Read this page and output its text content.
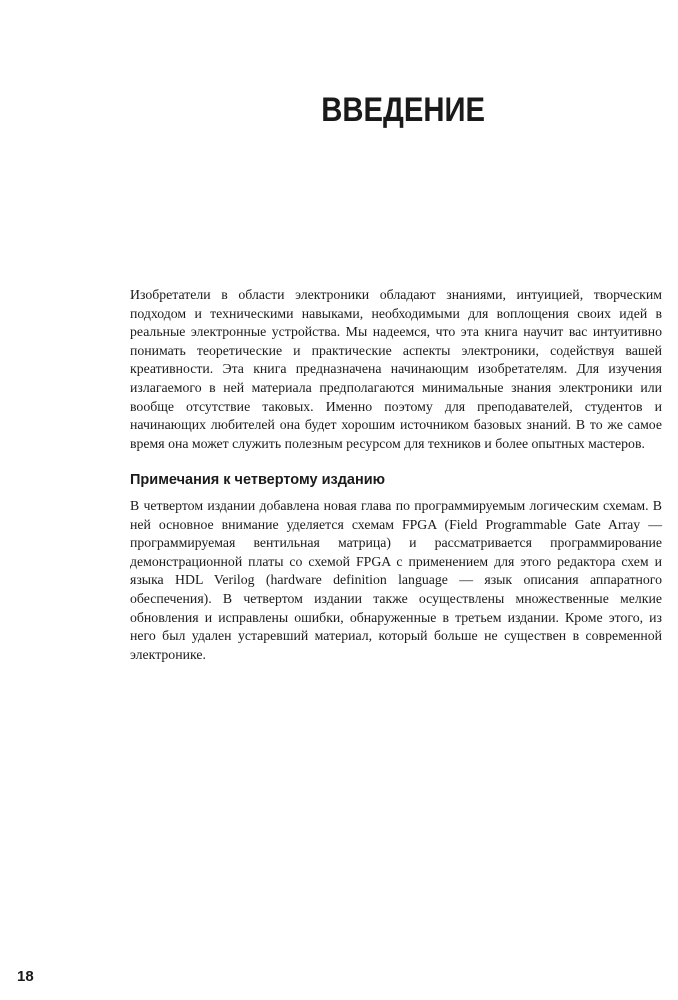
ВВЕДЕНИЕ

Изобретатели в области электроники обладают знаниями, интуицией, творческим подходом и техническими навыками, необходимыми для воплощения своих идей в реальные электронные устройства. Мы надеемся, что эта книга научит вас интуитивно понимать теоретические и практические аспекты электроники, содействуя вашей креативности. Эта книга предназначена начинающим изобретателям. Для изучения излагаемого в ней материала предполагаются минимальные знания электроники или вообще отсутствие таковых. Именно поэтому для преподавателей, студентов и начинающих любителей она будет хорошим источником базовых знаний. В то же самое время она может служить полезным ресурсом для техников и более опытных мастеров.

Примечания к четвертому изданию

В четвертом издании добавлена новая глава по программируемым логическим схемам. В ней основное внимание уделяется схемам FPGA (Field Programmable Gate Array — программируемая вентильная матрица) и рассматривается программирование демонстрационной платы со схемой FPGA с применением для этого редактора схем и языка HDL Verilog (hardware definition language — язык описания аппаратного обеспечения). В четвертом издании также осуществлены множественные мелкие обновления и исправлены ошибки, обнаруженные в третьем издании. Кроме этого, из него был удален устаревший материал, который больше не существен в современной электронике.

18
